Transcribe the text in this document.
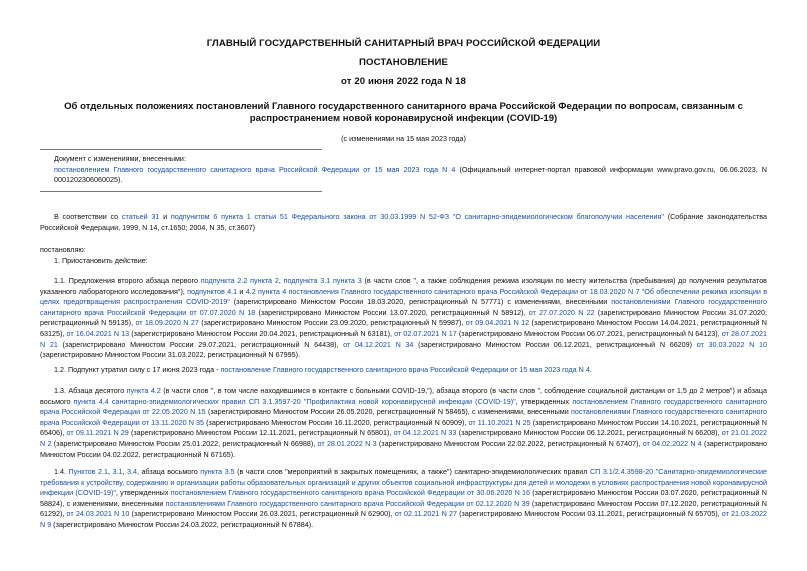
ГЛАВНЫЙ ГОСУДАРСТВЕННЫЙ САНИТАРНЫЙ ВРАЧ РОССИЙСКОЙ ФЕДЕРАЦИИ
ПОСТАНОВЛЕНИЕ
от 20 июня 2022 года N 18
Об отдельных положениях постановлений Главного государственного санитарного врача Российской Федерации по вопросам, связанным с распространением новой коронавирусной инфекции (COVID-19)
(с изменениями на 15 мая 2023 года)
Документ с изменениями, внесенными:
постановлением Главного государственного санитарного врача Российской Федерации от 15 мая 2023 года N 4 (Официальный интернет-портал правовой информации www.pravo.gov.ru, 06.06.2023, N 0001202306060025).
В соответствии со статьей 31 и подпунктом 6 пункта 1 статьи 51 Федерального закона от 30.03.1999 N 52-ФЗ "О санитарно-эпидемиологическом благополучии населения" (Собрание законодательства Российской Федерации, 1999, N 14, ст.1650; 2004, N 35, ст.3607)
постановляю:
1. Приостановить действие:
1.1. Предложения второго абзаца первого подпункта 2.2 пункта 2, подпункта 3.1 пункта 3 (в части слов ", а также соблюдения режима изоляции по месту жительства (пребывания) до получения результатов указанного лабораторного исследования"), подпунктов 4.1 и 4.2 пункта 4 постановления Главного государственного санитарного врача Российской Федерации от 18.03.2020 N 7 "Об обеспечении режима изоляции в целях предотвращения распространения COVID-2019" (зарегистрировано Минюстом России 18.03.2020, регистрационный N 57771) с изменениями, внесенными постановлениями Главного государственного санитарного врача Российской Федерации от 07.07.2020 N 18 (зарегистрировано Минюстом России 13.07.2020, регистрационный N 58912), от 27.07.2020 N 22 (зарегистрировано Минюстом России 31.07.2020, регистрационный N 59135), от 18.09.2020 N 27 (зарегистрировано Минюстом России 23.09.2020, регистрационный N 59987), от 09.04.2021 N 12 (зарегистрировано Минюстом России 14.04.2021, регистрационный N 63125), от 16.04.2021 N 13 (зарегистрировано Минюстом России 20.04.2021, регистрационный N 63181), от 02.07.2021 N 17 (зарегистрировано Минюстом России 06.07.2021, регистрационный N 64123), от 28.07.2021 N 21 (зарегистрировано Минюстом России 29.07.2021, регистрационный N 64438), от 04.12.2021 N 34 (зарегистрировано Минюстом России 06.12.2021, регистрационный N 66209) от 30.03.2022 N 10 (зарегистрировано Минюстом России 31.03.2022, регистрационный N 67995).
1.2. Подпункт утратил силу с 17 июня 2023 года - постановление Главного государственного санитарного врача Российской Федерации от 15 мая 2023 года N 4.
1.3. Абзаца десятого пункта 4.2 (в части слов ", в том числе находившимся в контакте с больными COVID-19,"), абзаца второго (в части слов ", соблюдение социальной дистанции от 1,5 до 2 метров") и абзаца восьмого пункта 4.4 санитарно-эпидемиологических правил СП 3.1.3597-20 "Профилактика новой коронавирусной инфекции (COVID-19)", утвержденных постановлением Главного государственного санитарного врача Российской Федерации от 22.05.2020 N 15 (зарегистрировано Минюстом России 26.05.2020, регистрационный N 58465), с изменениями, внесенными постановлениями Главного государственного санитарного врача Российской Федерации от 13.11.2020 N 35 (зарегистрировано Минюстом России 16.11.2020, регистрационный N 60909), от 11.10.2021 N 25 (зарегистрировано Минюстом России 14.10.2021, регистрационный N 65406), от 09.11.2021 N 29 (зарегистрировано Минюстом России 12.11.2021, регистрационный N 65801), от 04.12.2021 N 33 (зарегистрировано Минюстом России 06.12.2021, регистрационный N 66208), от 21.01.2022 N 2 (зарегистрировано Минюстом России 25.01.2022, регистрационный N 66988), от 28.01.2022 N 3 (зарегистрировано Минюстом России 22.02.2022, регистрационный N 67407), от 04.02.2022 N 4 (зарегистрировано Минюстом России 04.02.2022, регистрационный N 67165).
1.4. Пунктов 2.1, 3.1, 3.4, абзаца восьмого пункта 3.5 (в части слов "мероприятий в закрытых помещениях, а также") санитарно-эпидемиологических правил СП 3.1/2.4.3598-20 "Санитарно-эпидемиологические требования к устройству, содержанию и организации работы образовательных организаций и других объектов социальной инфраструктуры для детей и молодежи в условиях распространения новой коронавирусной инфекции (COVID-19)", утвержденных постановлением Главного государственного санитарного врача Российской Федерации от 30.06.2020 N 16 (зарегистрировано Минюстом России 03.07.2020, регистрационный N 58824), с изменениями, внесенными постановлениями Главного государственного санитарного врача Российской Федерации от 02.12.2020 N 39 (зарегистрировано Минюстом России 07.12.2020, регистрационный N 61292), от 24.03.2021 N 10 (зарегистрировано Минюстом России 26.03.2021, регистрационный N 62900), от 02.11.2021 N 27 (зарегистрировано Минюстом России 03.11.2021, регистрационный N 65705), от 21.03.2022 N 9 (зарегистрировано Минюстом России 24.03.2022, регистрационный N 67884).
